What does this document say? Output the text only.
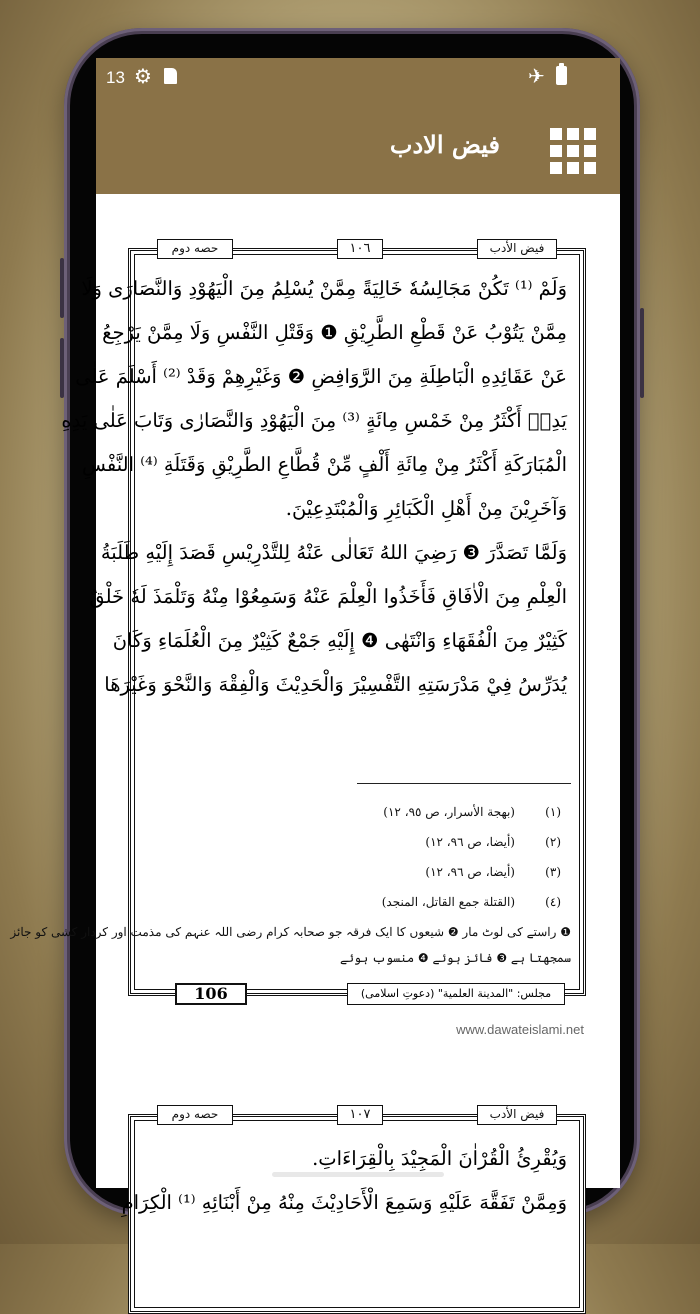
13 ⚙	✈
فیض الادب
حصه دوم	١٠٦	فيض الأدب
وَلَمْ ⁽¹⁾ تَكُنْ مَجَالِسُهٗ خَالِيَةً مِمَّنْ يُسْلِمُ مِنَ الْيَهُوْدِ وَالنَّصَارَى وَلَا
مِمَّنْ يَتُوْبُ عَنْ قَطْعِ الطَّرِيْقِ ❶ وَقَتْلِ النَّفْسِ وَلَا مِمَّنْ يَرْجِعُ
عَنْ عَقَائِدِهِ الْبَاطِلَةِ مِنَ الرَّوَافِضِ ❷ وَغَيْرِهِمْ وَقَدْ ⁽²⁾ أَسْلَمَ عَلٰى
يَدِهٖ أَكْثَرُ مِنْ خَمْسِ مِائَةٍ ⁽³⁾ مِنَ الْيَهُوْدِ وَالنَّصَارٰى وَتَابَ عَلٰى يَدِهِ
الْمُبَارَكَةِ أَكْثَرُ مِنْ مِائَةِ أَلْفٍ مِّنْ قُطَّاعِ الطَّرِيْقِ وَقَتَلَةِ ⁽⁴⁾ النَّفْسِ
وَآخَرِيْنَ مِنْ أَهْلِ الْكَبَائِرِ وَالْمُبْتَدِعِيْنَ.
وَلَمَّا تَصَدَّرَ ❸ رَضِيَ اللهُ تَعَالٰى عَنْهُ لِلتَّدْرِيْسِ قَصَدَ إِلَيْهِ طَلَبَةُ
الْعِلْمِ مِنَ الْاٰفَاقِ فَأَخَذُوا الْعِلْمَ عَنْهُ وَسَمِعُوْا مِنْهُ وَتَلْمَذَ لَهٗ خَلْقٌ
كَثِيْرٌ مِنَ الْفُقَهَاءِ وَانْتَهٰى ❹ إِلَيْهِ جَمْعٌ كَثِيْرٌ مِنَ الْعُلَمَاءِ وَكَانَ
يُدَرِّسُ فِيْ مَدْرَسَتِهِ التَّفْسِيْرَ وَالْحَدِيْثَ وَالْفِقْهَ وَالنَّحْوَ وَغَيْرَهَا
(١)(بهجة الأسرار، ص ٩٥، ١٢)
(٢)(أيضا، ص ٩٦، ١٢)
(٣)(أيضا، ص ٩٦، ١٢)
(٤)(القتلة جمع القاتل، المنجد)
❶ راستے کی لوٹ مار ❷ شیعوں کا ایک فرقہ جو صحابہ کرام رضی اللہ عنہم کی مذمت اور کردار کشی کو جائز
سمجھتا ہے ❸ فائز ہوئے ❹ منسوب ہوئے
106	مجلس: "المدينة العلمية" (دعوتِ اسلامی)
www.dawateislami.net
حصه دوم	١٠٧	فيض الأدب
وَيُقْرِئُ الْقُرْاٰنَ الْمَجِيْدَ بِالْقِرَاءَاتِ.
وَمِمَّنْ تَفَقَّهَ عَلَيْهِ وَسَمِعَ الْأَحَادِيْثَ مِنْهُ مِنْ أَبْنَائِهِ ⁽¹⁾ الْكِرَامِ
